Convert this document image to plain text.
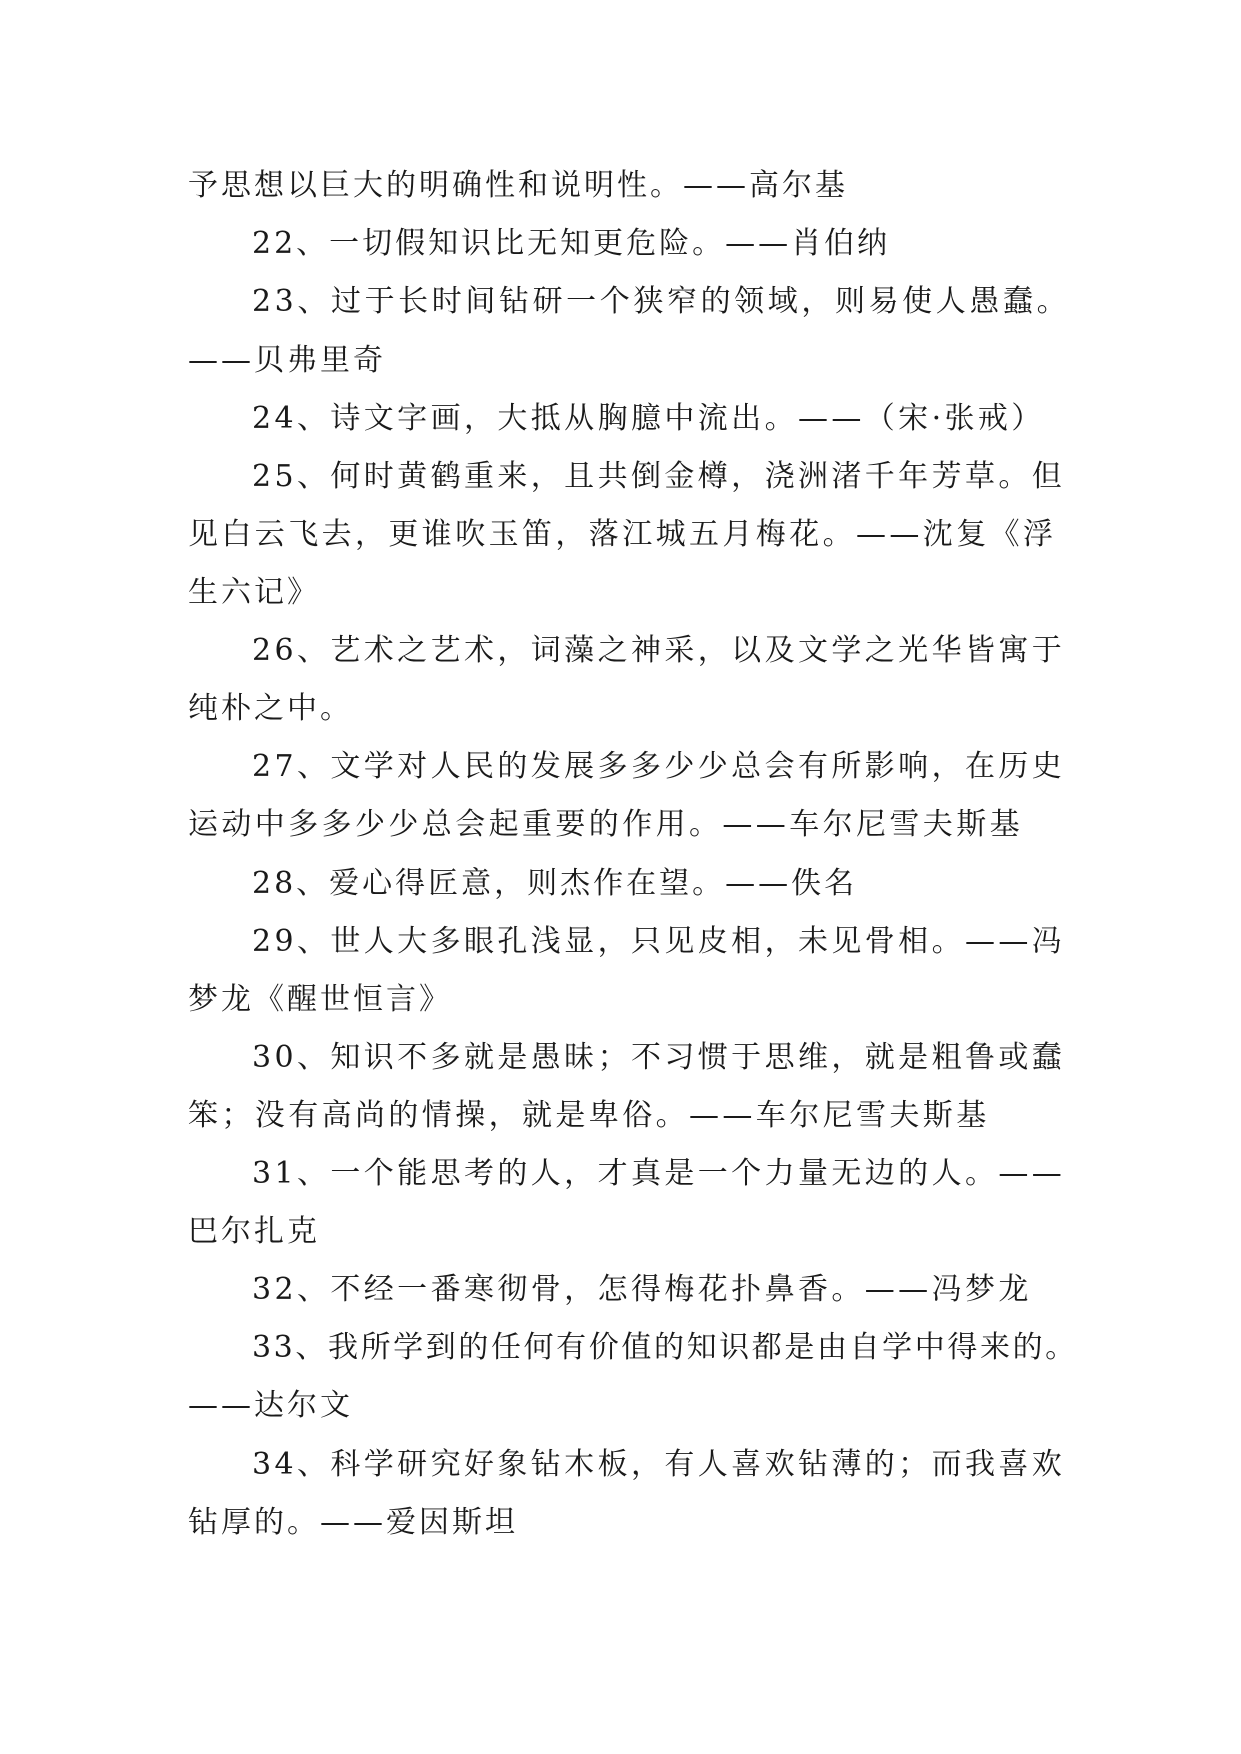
予思想以巨大的明确性和说明性。——高尔基
22、一切假知识比无知更危险。——肖伯纳
23、过于长时间钻研一个狭窄的领域，则易使人愚蠢。
——贝弗里奇
24、诗文字画，大抵从胸臆中流出。——（宋·张戒）
25、何时黄鹤重来，且共倒金樽，浇洲渚千年芳草。但
见白云飞去，更谁吹玉笛，落江城五月梅花。——沈复《浮
生六记》
26、艺术之艺术，词藻之神采，以及文学之光华皆寓于
纯朴之中。
27、文学对人民的发展多多少少总会有所影响，在历史
运动中多多少少总会起重要的作用。——车尔尼雪夫斯基
28、爱心得匠意，则杰作在望。——佚名
29、世人大多眼孔浅显，只见皮相，未见骨相。——冯
梦龙《醒世恒言》
30、知识不多就是愚昧；不习惯于思维，就是粗鲁或蠢
笨；没有高尚的情操，就是卑俗。——车尔尼雪夫斯基
31、一个能思考的人，才真是一个力量无边的人。——
巴尔扎克
32、不经一番寒彻骨，怎得梅花扑鼻香。——冯梦龙
33、我所学到的任何有价值的知识都是由自学中得来的。
——达尔文
34、科学研究好象钻木板，有人喜欢钻薄的；而我喜欢
钻厚的。——爱因斯坦
